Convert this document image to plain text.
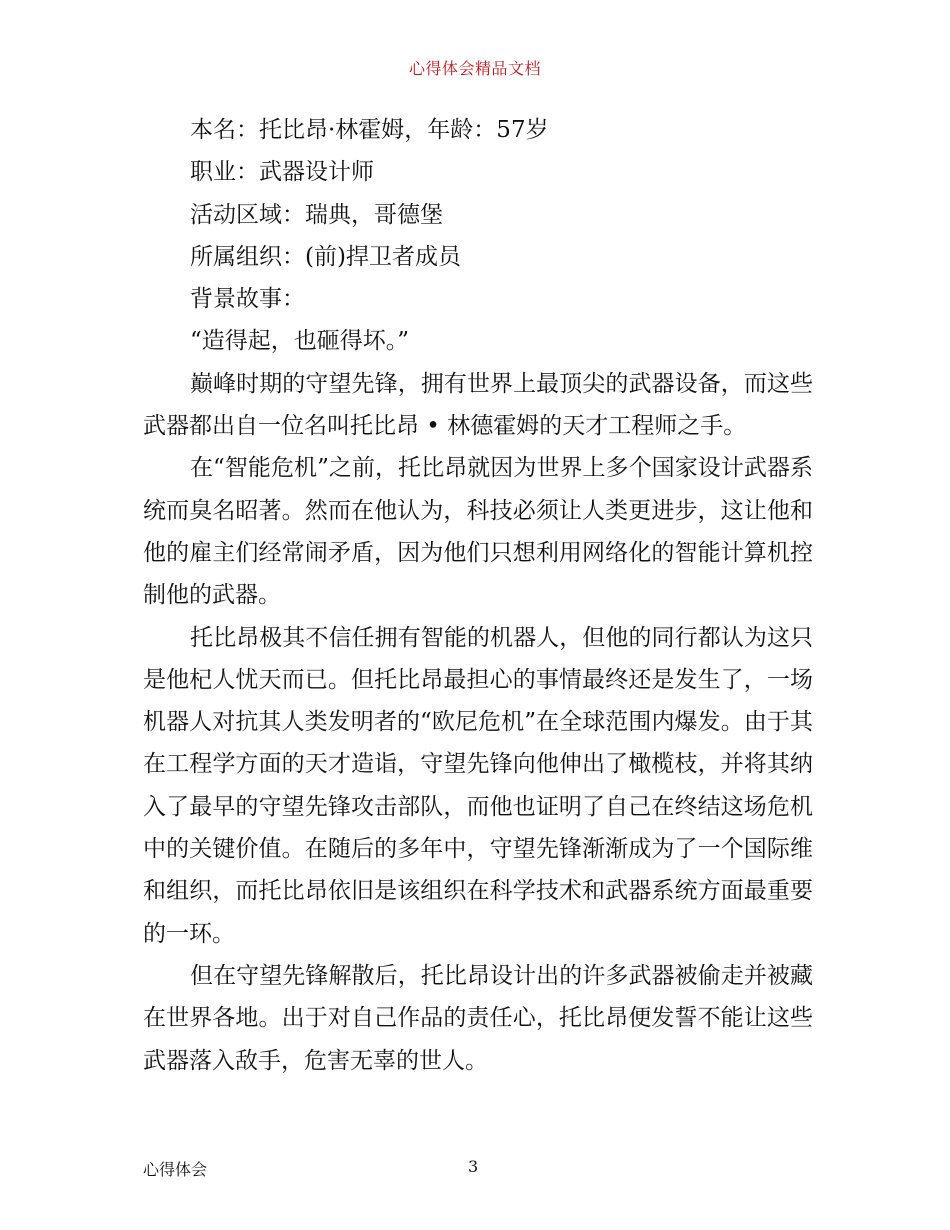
心得体会精品文档

本名：托比昂·林霍姆，年龄：57岁

职业：武器设计师

活动区域：瑞典，哥德堡

所属组织：(前)捍卫者成员

背景故事：

“造得起，也砸得坏。”

巅峰时期的守望先锋，拥有世界上最顶尖的武器设备，而这些武器都出自一位名叫托比昂 • 林德霍姆的天才工程师之手。

在“智能危机”之前，托比昂就因为世界上多个国家设计武器系统而臭名昭著。然而在他认为，科技必须让人类更进步，这让他和他的雇主们经常闹矛盾，因为他们只想利用网络化的智能计算机控制他的武器。

托比昂极其不信任拥有智能的机器人，但他的同行都认为这只是他杞人忧天而已。但托比昂最担心的事情最终还是发生了，一场机器人对抗其人类发明者的“欧尼危机”在全球范围内爆发。由于其在工程学方面的天才造诣，守望先锋向他伸出了橄榄枝，并将其纳入了最早的守望先锋攻击部队，而他也证明了自己在终结这场危机中的关键价值。在随后的多年中，守望先锋渐渐成为了一个国际维和组织，而托比昂依旧是该组织在科学技术和武器系统方面最重要的一环。

但在守望先锋解散后，托比昂设计出的许多武器被偷走并被藏在世界各地。出于对自己作品的责任心，托比昂便发誓不能让这些武器落入敌手，危害无辜的世人。

心得体会	3
